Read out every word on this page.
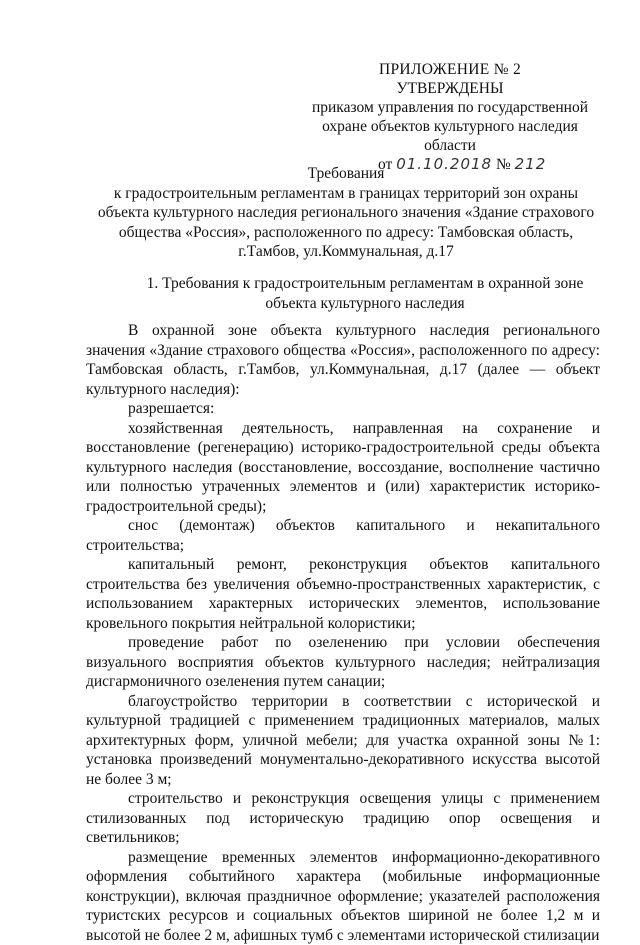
ПРИЛОЖЕНИЕ № 2
УТВЕРЖДЕНЫ
приказом управления по государственной
охране объектов культурного наследия области
от 01.10.2018 № 212
Требования
к градостроительным регламентам в границах территорий зон охраны
объекта культурного наследия регионального значения «Здание страхового
общества «Россия», расположенного по адресу: Тамбовская область,
г.Тамбов, ул.Коммунальная, д.17
1. Требования к градостроительным регламентам в охранной зоне
объекта культурного наследия

В охранной зоне объекта культурного наследия регионального значения «Здание страхового общества «Россия», расположенного по адресу: Тамбовская область, г.Тамбов, ул.Коммунальная, д.17 (далее — объект культурного наследия):

разрешается:

хозяйственная деятельность, направленная на сохранение и восстановление (регенерацию) историко-градостроительной среды объекта культурного наследия (восстановление, воссоздание, восполнение частично или полностью утраченных элементов и (или) характеристик историко-градостроительной среды);

снос (демонтаж) объектов капитального и некапитального строительства;

капитальный ремонт, реконструкция объектов капитального строительства без увеличения объемно-пространственных характеристик, с использованием характерных исторических элементов, использование кровельного покрытия нейтральной колористики;

проведение работ по озеленению при условии обеспечения визуального восприятия объектов культурного наследия; нейтрализация дисгармоничного озеленения путем санации;

благоустройство территории в соответствии с исторической и культурной традицией с применением традиционных материалов, малых архитектурных форм, уличной мебели; для участка охранной зоны №1: установка произведений монументально-декоративного искусства высотой не более 3 м;

строительство и реконструкция освещения улицы с применением стилизованных под историческую традицию опор освещения и светильников;

размещение временных элементов информационно-декоративного оформления событийного характера (мобильные информационные конструкции), включая праздничное оформление; указателей расположения туристских ресурсов и социальных объектов шириной не более 1,2 м и высотой не более 2 м, афишных тумб с элементами исторической стилизации
